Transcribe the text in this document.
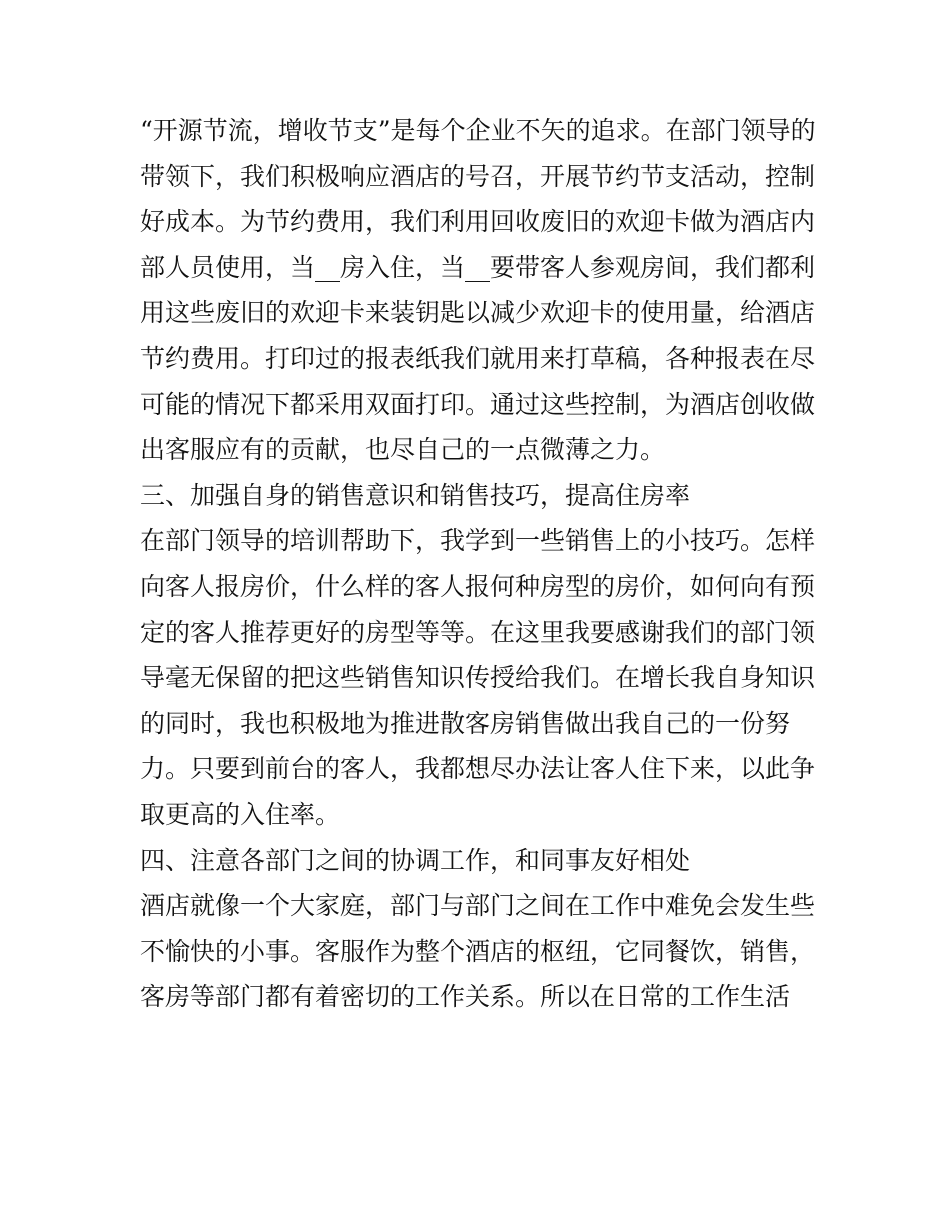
“开源节流，增收节支”是每个企业不矢的追求。在部门领导的
带领下，我们积极响应酒店的号召，开展节约节支活动，控制
好成本。为节约费用，我们利用回收废旧的欢迎卡做为酒店内
部人员使用，当__房入住，当__要带客人参观房间，我们都利
用这些废旧的欢迎卡来装钥匙以减少欢迎卡的使用量，给酒店
节约费用。打印过的报表纸我们就用来打草稿，各种报表在尽
可能的情况下都采用双面打印。通过这些控制，为酒店创收做
出客服应有的贡献，也尽自己的一点微薄之力。
三、加强自身的销售意识和销售技巧，提高住房率
在部门领导的培训帮助下，我学到一些销售上的小技巧。怎样
向客人报房价，什么样的客人报何种房型的房价，如何向有预
定的客人推荐更好的房型等等。在这里我要感谢我们的部门领
导毫无保留的把这些销售知识传授给我们。在增长我自身知识
的同时，我也积极地为推进散客房销售做出我自己的一份努
力。只要到前台的客人，我都想尽办法让客人住下来，以此争
取更高的入住率。
四、注意各部门之间的协调工作，和同事友好相处
酒店就像一个大家庭，部门与部门之间在工作中难免会发生些
不愉快的小事。客服作为整个酒店的枢纽，它同餐饮，销售，
客房等部门都有着密切的工作关系。所以在日常的工作生活
